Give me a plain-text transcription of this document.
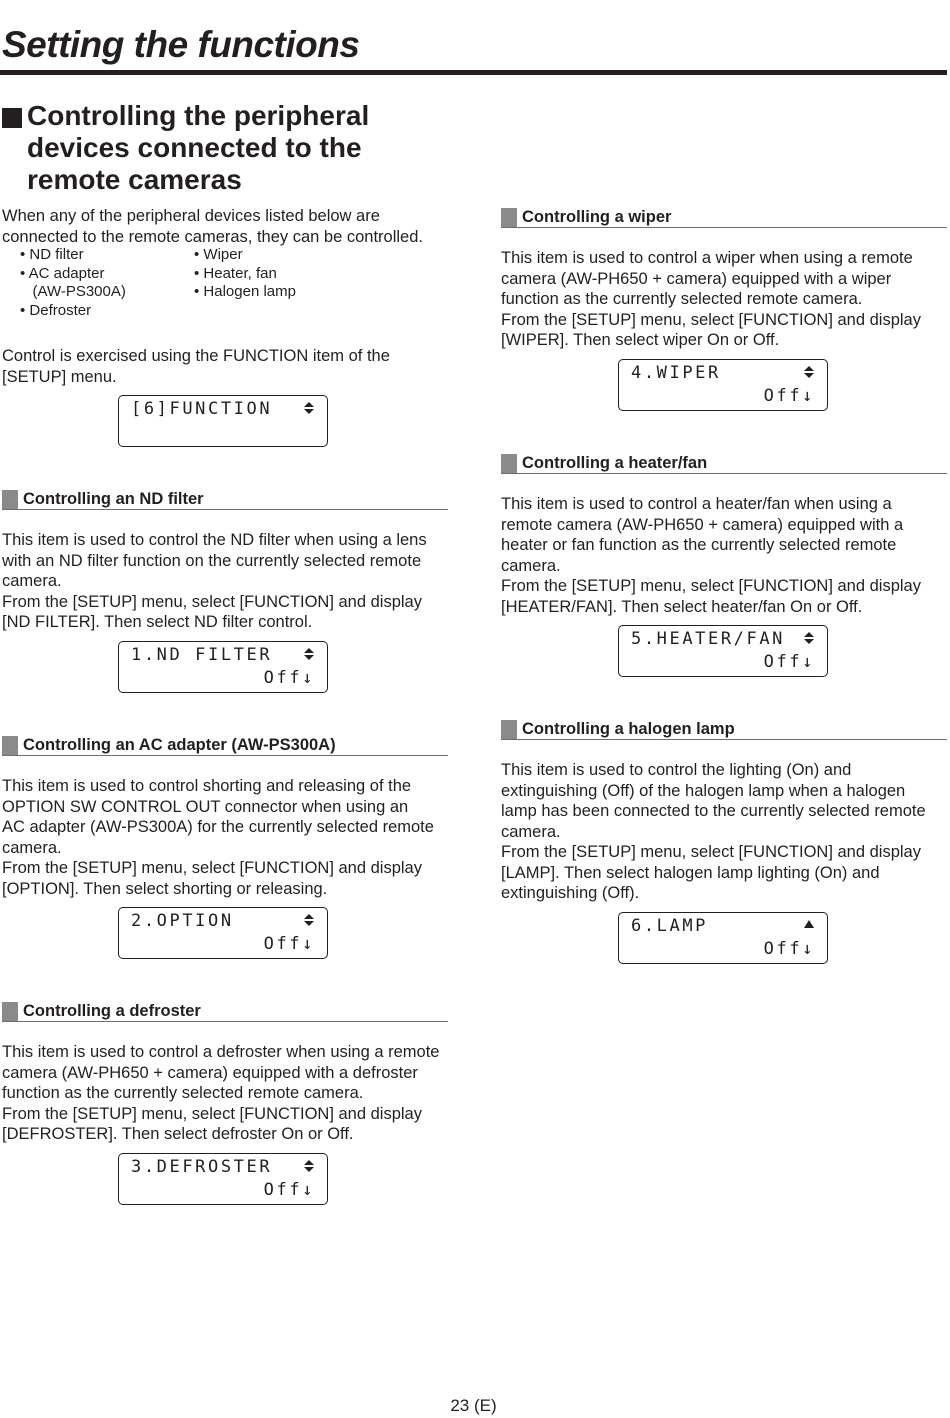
Setting the functions
Controlling the peripheral
devices connected to the
remote cameras

When any of the peripheral devices listed below are
connected to the remote cameras, they can be controlled.

• ND filter
• AC adapter
(AW-PS300A)
• Defroster
• Wiper
• Heater, fan
• Halogen lamp

Control is exercised using the FUNCTION item of the
[SETUP] menu.

[6]FUNCTION
Controlling an ND filter

This item is used to control the ND filter when using a lens
with an ND filter function on the currently selected remote
camera.
From the [SETUP] menu, select [FUNCTION] and display
[ND FILTER]. Then select ND filter control.

1.ND FILTER
Off↓
Controlling an AC adapter (AW-PS300A)

This item is used to control shorting and releasing of the
OPTION SW CONTROL OUT connector when using an
AC adapter (AW-PS300A) for the currently selected remote
camera.
From the [SETUP] menu, select [FUNCTION] and display
[OPTION]. Then select shorting or releasing.

2.OPTION
Off↓
Controlling a defroster

This item is used to control a defroster when using a remote
camera (AW-PH650 + camera) equipped with a defroster
function as the currently selected remote camera.
From the [SETUP] menu, select [FUNCTION] and display
[DEFROSTER]. Then select defroster On or Off.

3.DEFROSTER
Off↓
Controlling a wiper

This item is used to control a wiper when using a remote
camera (AW-PH650 + camera) equipped with a wiper
function as the currently selected remote camera.
From the [SETUP] menu, select [FUNCTION] and display
[WIPER]. Then select wiper On or Off.

4.WIPER
Off↓
Controlling a heater/fan

This item is used to control a heater/fan when using a
remote camera (AW-PH650 + camera) equipped with a
heater or fan function as the currently selected remote
camera.
From the [SETUP] menu, select [FUNCTION] and display
[HEATER/FAN]. Then select heater/fan On or Off.

5.HEATER/FAN
Off↓
Controlling a halogen lamp

This item is used to control the lighting (On) and
extinguishing (Off) of the halogen lamp when a halogen
lamp has been connected to the currently selected remote
camera.
From the [SETUP] menu, select [FUNCTION] and display
[LAMP]. Then select halogen lamp lighting (On) and
extinguishing (Off).

6.LAMP
Off↓
23 (E)
